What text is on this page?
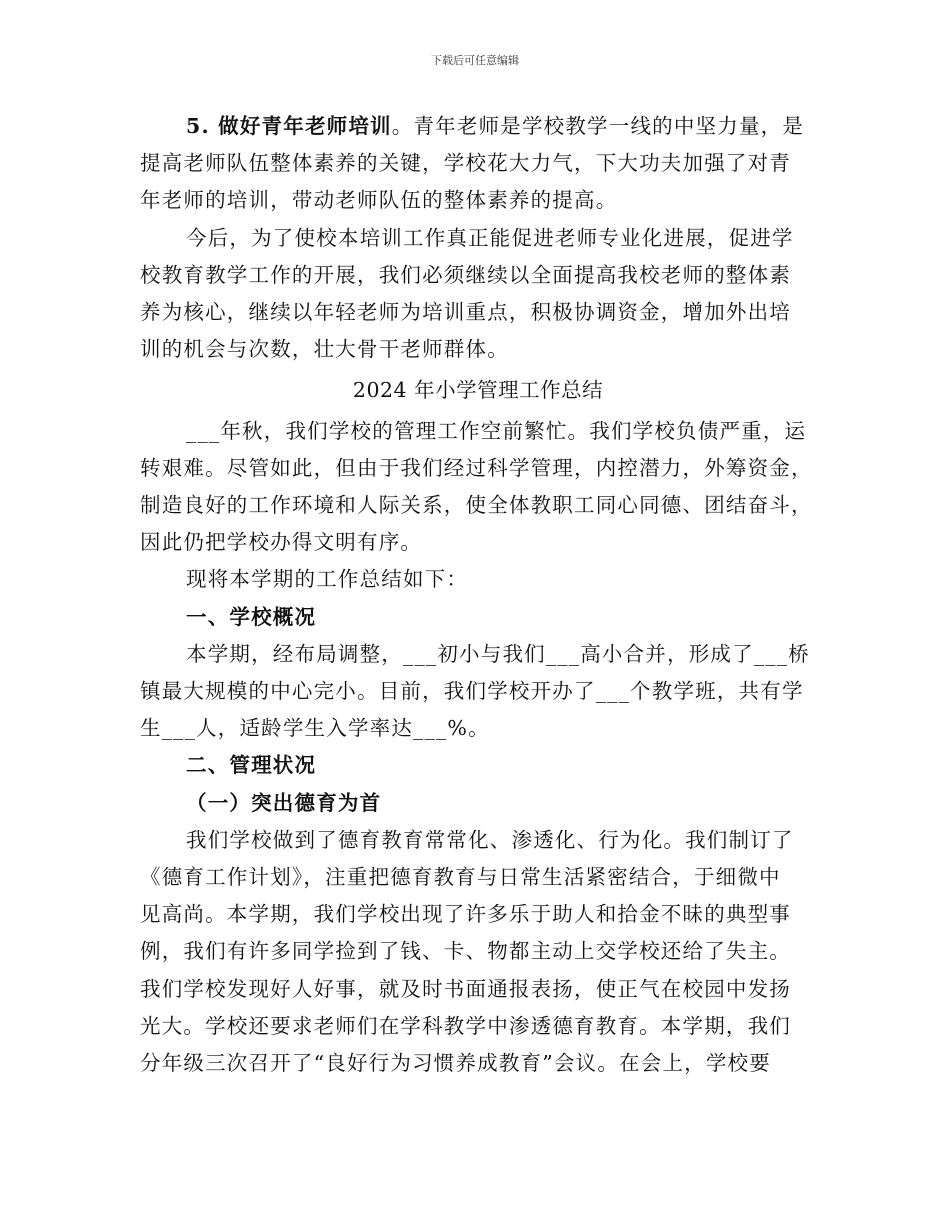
下载后可任意编辑

5. 做好青年老师培训。青年老师是学校教学一线的中坚力量，是

提高老师队伍整体素养的关键，学校花大力气，下大功夫加强了对青

年老师的培训，带动老师队伍的整体素养的提高。

今后，为了使校本培训工作真正能促进老师专业化进展，促进学

校教育教学工作的开展，我们必须继续以全面提高我校老师的整体素

养为核心，继续以年轻老师为培训重点，积极协调资金，增加外出培

训的机会与次数，壮大骨干老师群体。

2024 年小学管理工作总结

___年秋，我们学校的管理工作空前繁忙。我们学校负债严重，运

转艰难。尽管如此，但由于我们经过科学管理，内控潜力，外筹资金，

制造良好的工作环境和人际关系，使全体教职工同心同德、团结奋斗，

因此仍把学校办得文明有序。

现将本学期的工作总结如下：

一、学校概况

本学期，经布局调整，___初小与我们___高小合并，形成了___桥

镇最大规模的中心完小。目前，我们学校开办了___个教学班，共有学

生___人，适龄学生入学率达___%。

二、管理状况

（一）突出德育为首

我们学校做到了德育教育常常化、渗透化、行为化。我们制订了

《德育工作计划》，注重把德育教育与日常生活紧密结合，于细微中

见高尚。本学期，我们学校出现了许多乐于助人和拾金不昧的典型事

例，我们有许多同学捡到了钱、卡、物都主动上交学校还给了失主。

我们学校发现好人好事，就及时书面通报表扬，使正气在校园中发扬

光大。学校还要求老师们在学科教学中渗透德育教育。本学期，我们

分年级三次召开了“良好行为习惯养成教育”会议。在会上，学校要
